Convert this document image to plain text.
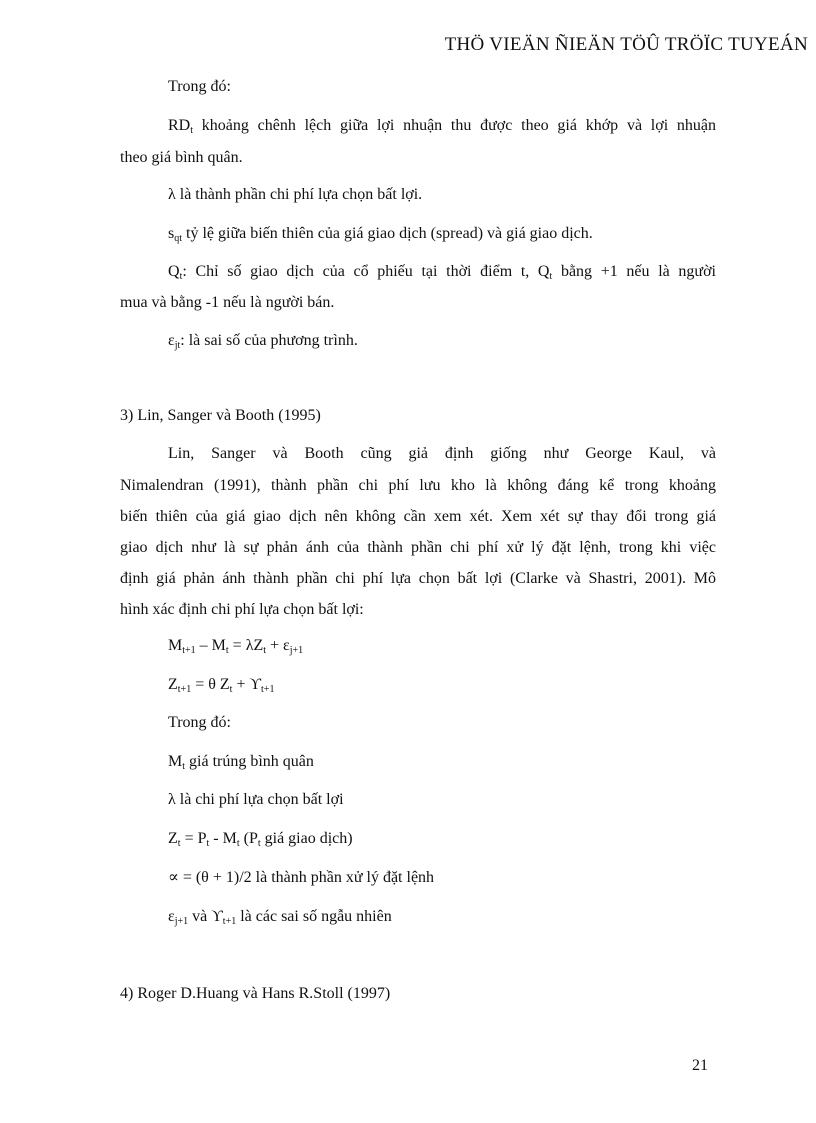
THÖ VIEÄN ÑIEÄN TÖÛ TRÖÏC TUYEÁN
Trong đó:
$RD_t$ khoảng chênh lệch giữa lợi nhuận thu được theo giá khớp và lợi nhuận
theo giá bình quân.
λ là thành phần chi phí lựa chọn bất lợi.
$s_{qt}$ tỷ lệ giữa biến thiên của giá giao dịch (spread) và giá giao dịch.
$Q_t$: Chỉ số giao dịch của cổ phiếu tại thời điểm t, $Q_t$ bằng +1 nếu là người
mua và bằng -1 nếu là người bán.
$\varepsilon_{jt}$: là sai số của phương trình.
3) Lin, Sanger và Booth (1995)
Lin, Sanger và Booth cũng giả định giống như George Kaul, và
Nimalendran (1991), thành phần chi phí lưu kho là không đáng kể trong khoảng
biến thiên của giá giao dịch nên không cần xem xét. Xem xét sự thay đổi trong giá
giao dịch như là sự phản ánh của thành phần chi phí xử lý đặt lệnh, trong khi việc
định giá phản ánh thành phần chi phí lựa chọn bất lợi (Clarke và Shastri, 2001). Mô
hình xác định chi phí lựa chọn bất lợi:
$M_{t+1} - M_t = \lambda Z_t + \varepsilon_{j+1}$
$Z_{t+1} = \theta$ $Z_t + ϒ_{t+1}$
Trong đó:
$M_t$ giá trúng bình quân
λ là chi phí lựa chọn bất lợi
$Z_t = P_t - M_t$ ($P_t$ giá giao dịch)
∝ = (θ + 1)/2 là thành phần xử lý đặt lệnh
$\varepsilon_{j+1}$ và $ϒ_{t+1}$ là các sai số ngẫu nhiên
4) Roger D.Huang và Hans R.Stoll (1997)
21
